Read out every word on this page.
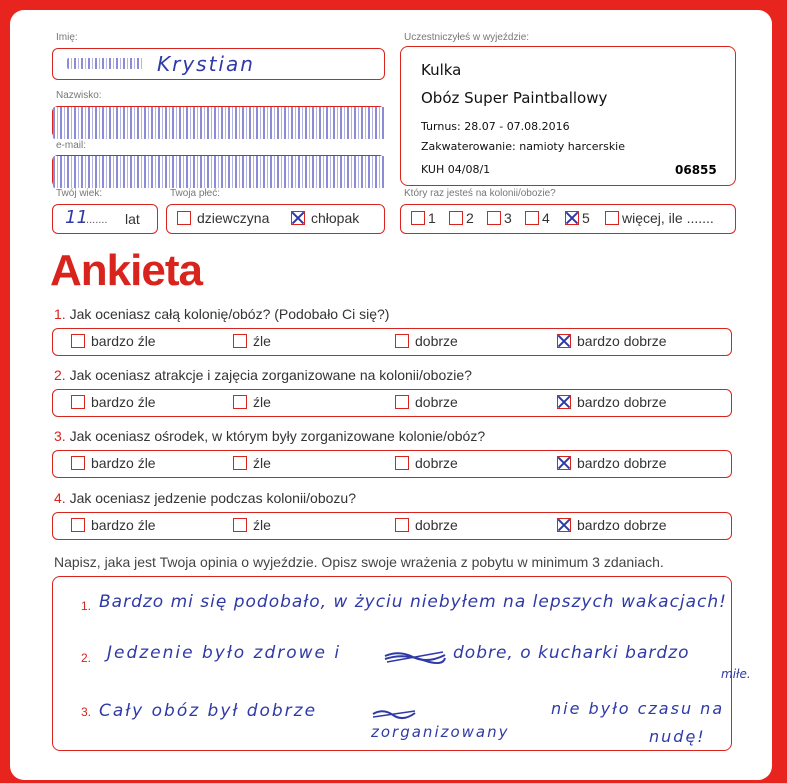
Imię:
Krystian
Nazwisko:
e-mail:
Twój wiek:
11
........ lat
Twoja płeć:
dziewczyna	chłopak
Uczestniczyłeś w wyjeździe:
Kulka
Obóz Super Paintballowy
Turnus: 28.07 - 07.08.2016
Zakwaterowanie: namioty harcerskie
KUH 04/08/1	06855
Który raz jesteś na kolonii/obozie?
1	2	3	4	5	więcej, ile .......
Ankieta
1. Jak oceniasz całą kolonię/obóz? (Podobało Ci się?)
bardzo źle	źle	dobrze	bardzo dobrze
2. Jak oceniasz atrakcje i zajęcia zorganizowane na kolonii/obozie?
bardzo źle	źle	dobrze	bardzo dobrze
3. Jak oceniasz ośrodek, w którym były zorganizowane kolonie/obóz?
bardzo źle	źle	dobrze	bardzo dobrze
4. Jak oceniasz jedzenie podczas kolonii/obozu?
bardzo źle	źle	dobrze	bardzo dobrze
Napisz, jaka jest Twoja opinia o wyjeździe. Opisz swoje wrażenia z pobytu w minimum 3 zdaniach.
1.
2.
3.
Bardzo mi się podobało, w życiu niebyłem na lepszych wakacjach!
Jedzenie było zdrowe i	dobre, o kucharki bardzo
miłe.
Cały obóz był dobrze
zorganizowany
nie było czasu na
nudę!
